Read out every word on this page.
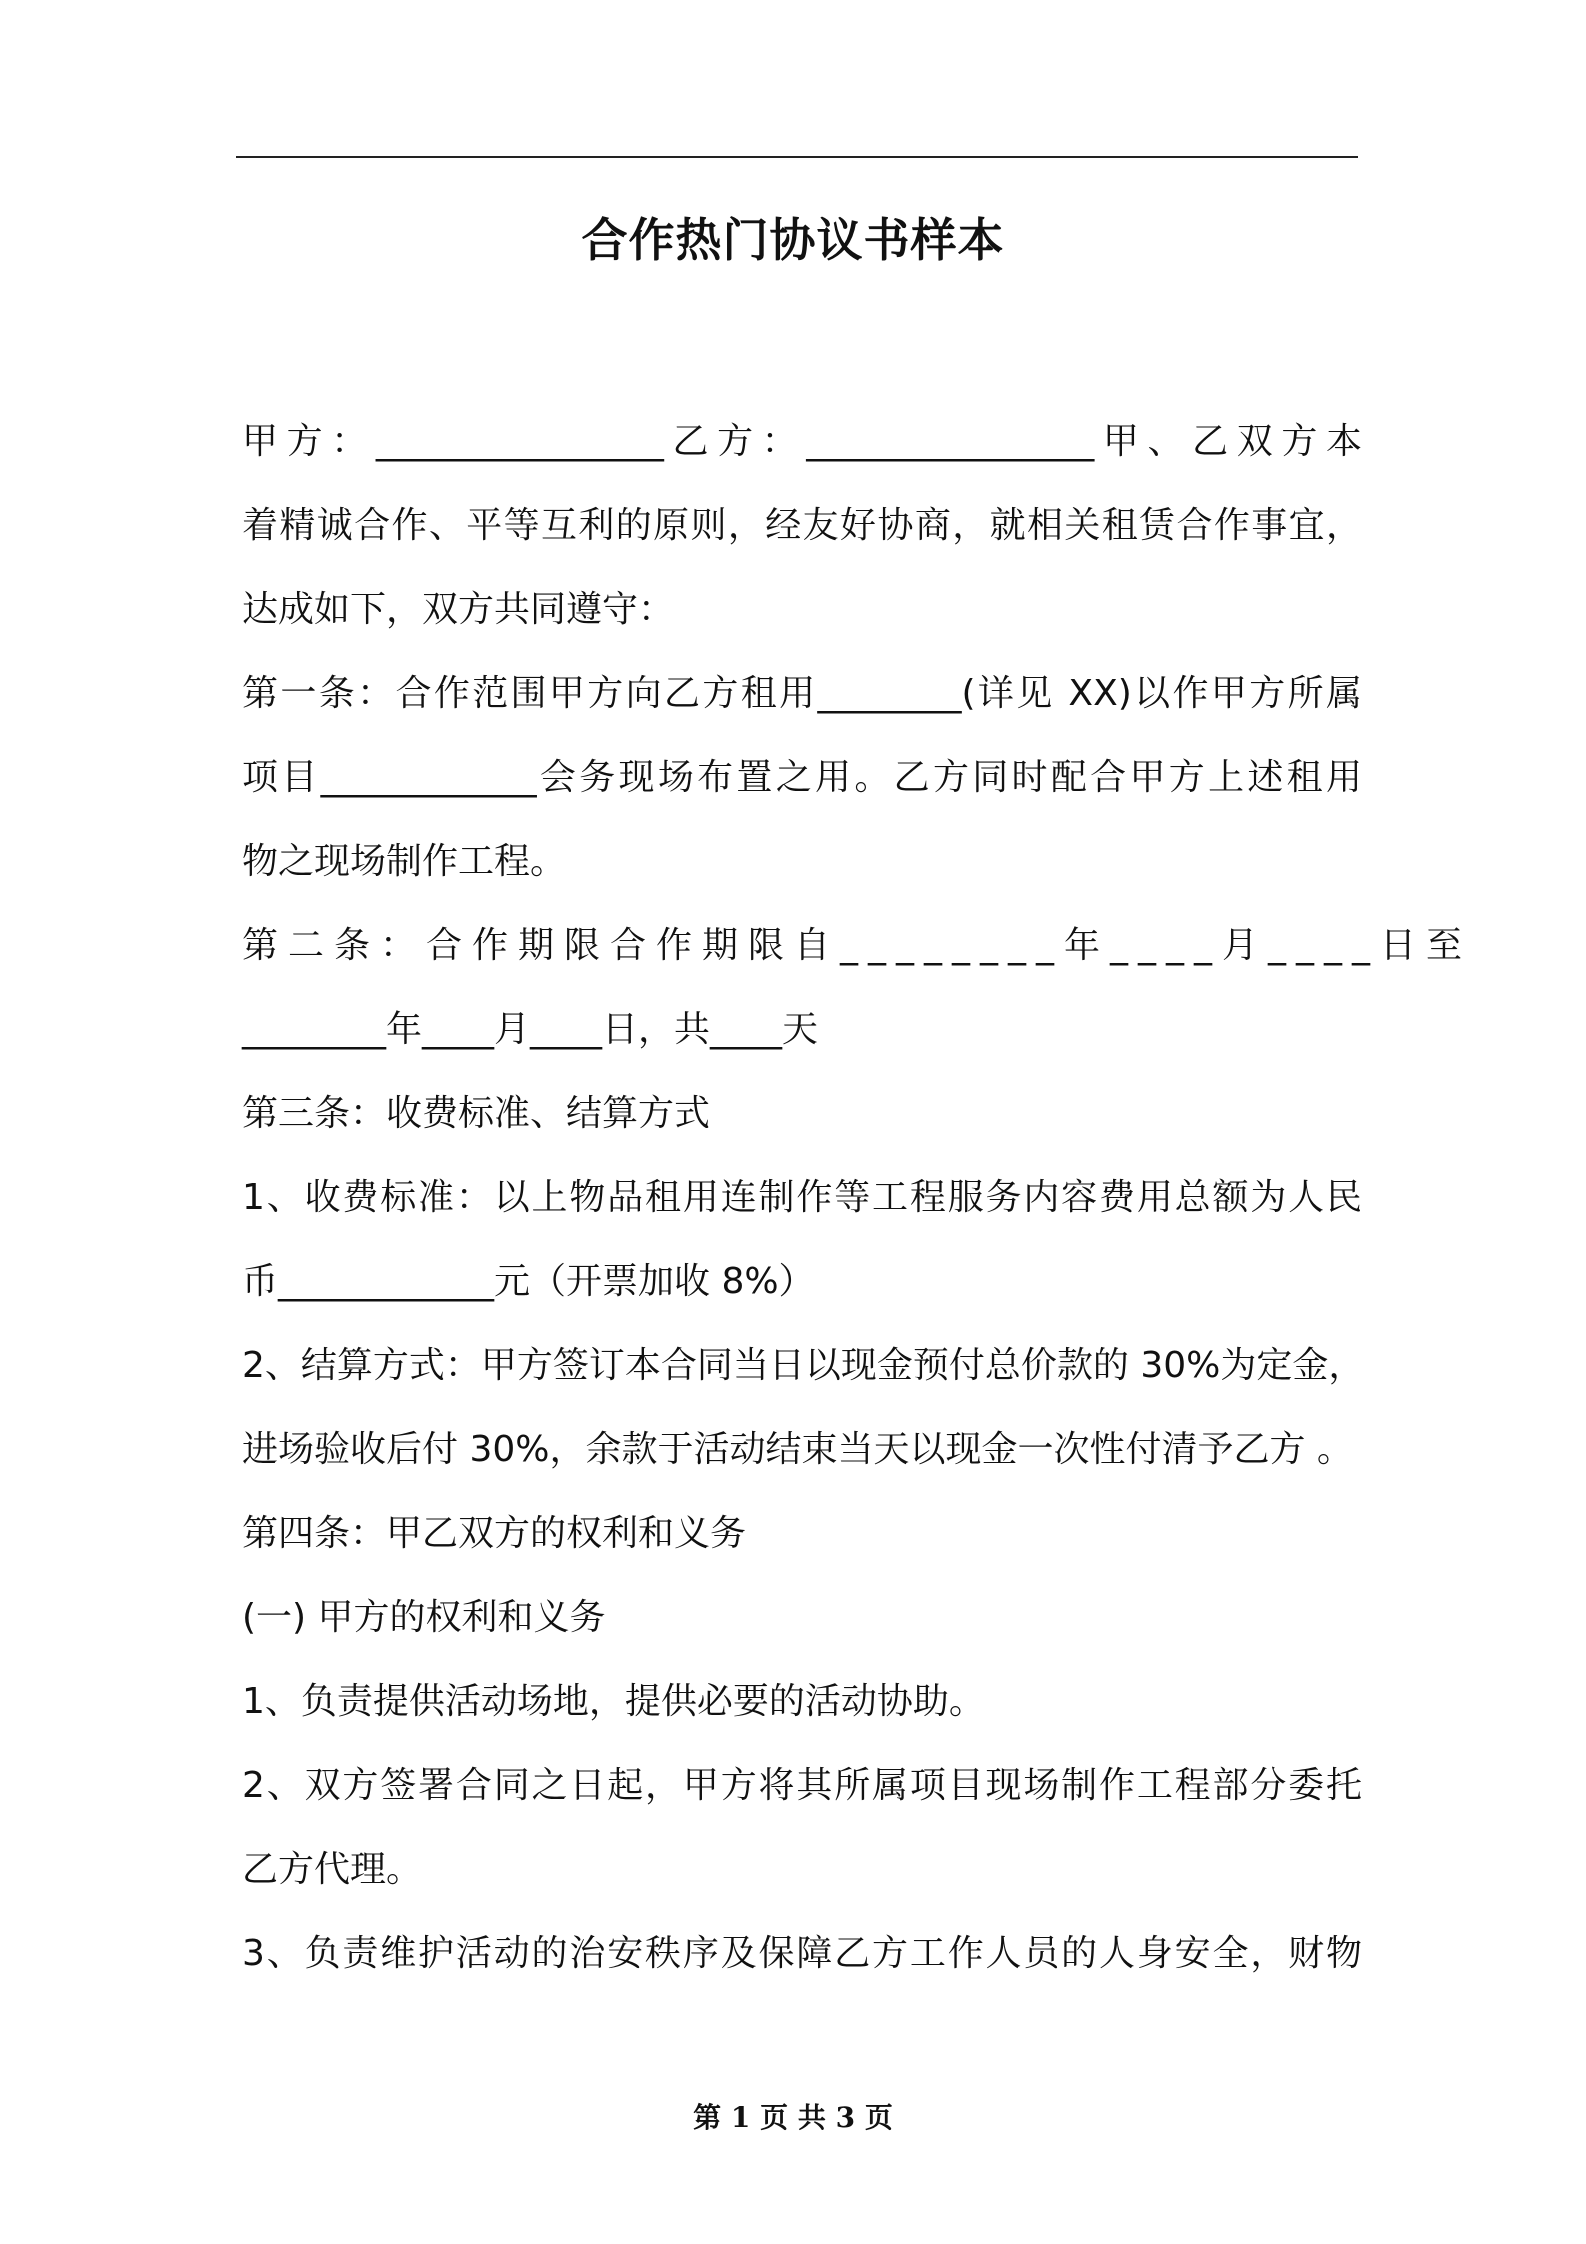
合作热门协议书样本
甲方：________________乙方：________________甲、乙双方本
着精诚合作、平等互利的原则，经友好协商，就相关租赁合作事宜，
达成如下，双方共同遵守：
第一条：合作范围甲方向乙方租用________(详见 XX)以作甲方所属
项目____________会务现场布置之用。乙方同时配合甲方上述租用
物之现场制作工程。
第二条：合作期限合作期限自________年____月____日至
________年____月____日，共____天
第三条：收费标准、结算方式
1、收费标准：以上物品租用连制作等工程服务内容费用总额为人民
币____________元（开票加收 8%）
2、结算方式：甲方签订本合同当日以现金预付总价款的 30%为定金，
进场验收后付 30%，余款于活动结束当天以现金一次性付清予乙方 。
第四条：甲乙双方的权利和义务
(一) 甲方的权利和义务
1、负责提供活动场地，提供必要的活动协助。
2、双方签署合同之日起，甲方将其所属项目现场制作工程部分委托
乙方代理。
3、负责维护活动的治安秩序及保障乙方工作人员的人身安全，财物
第 1 页 共 3 页
